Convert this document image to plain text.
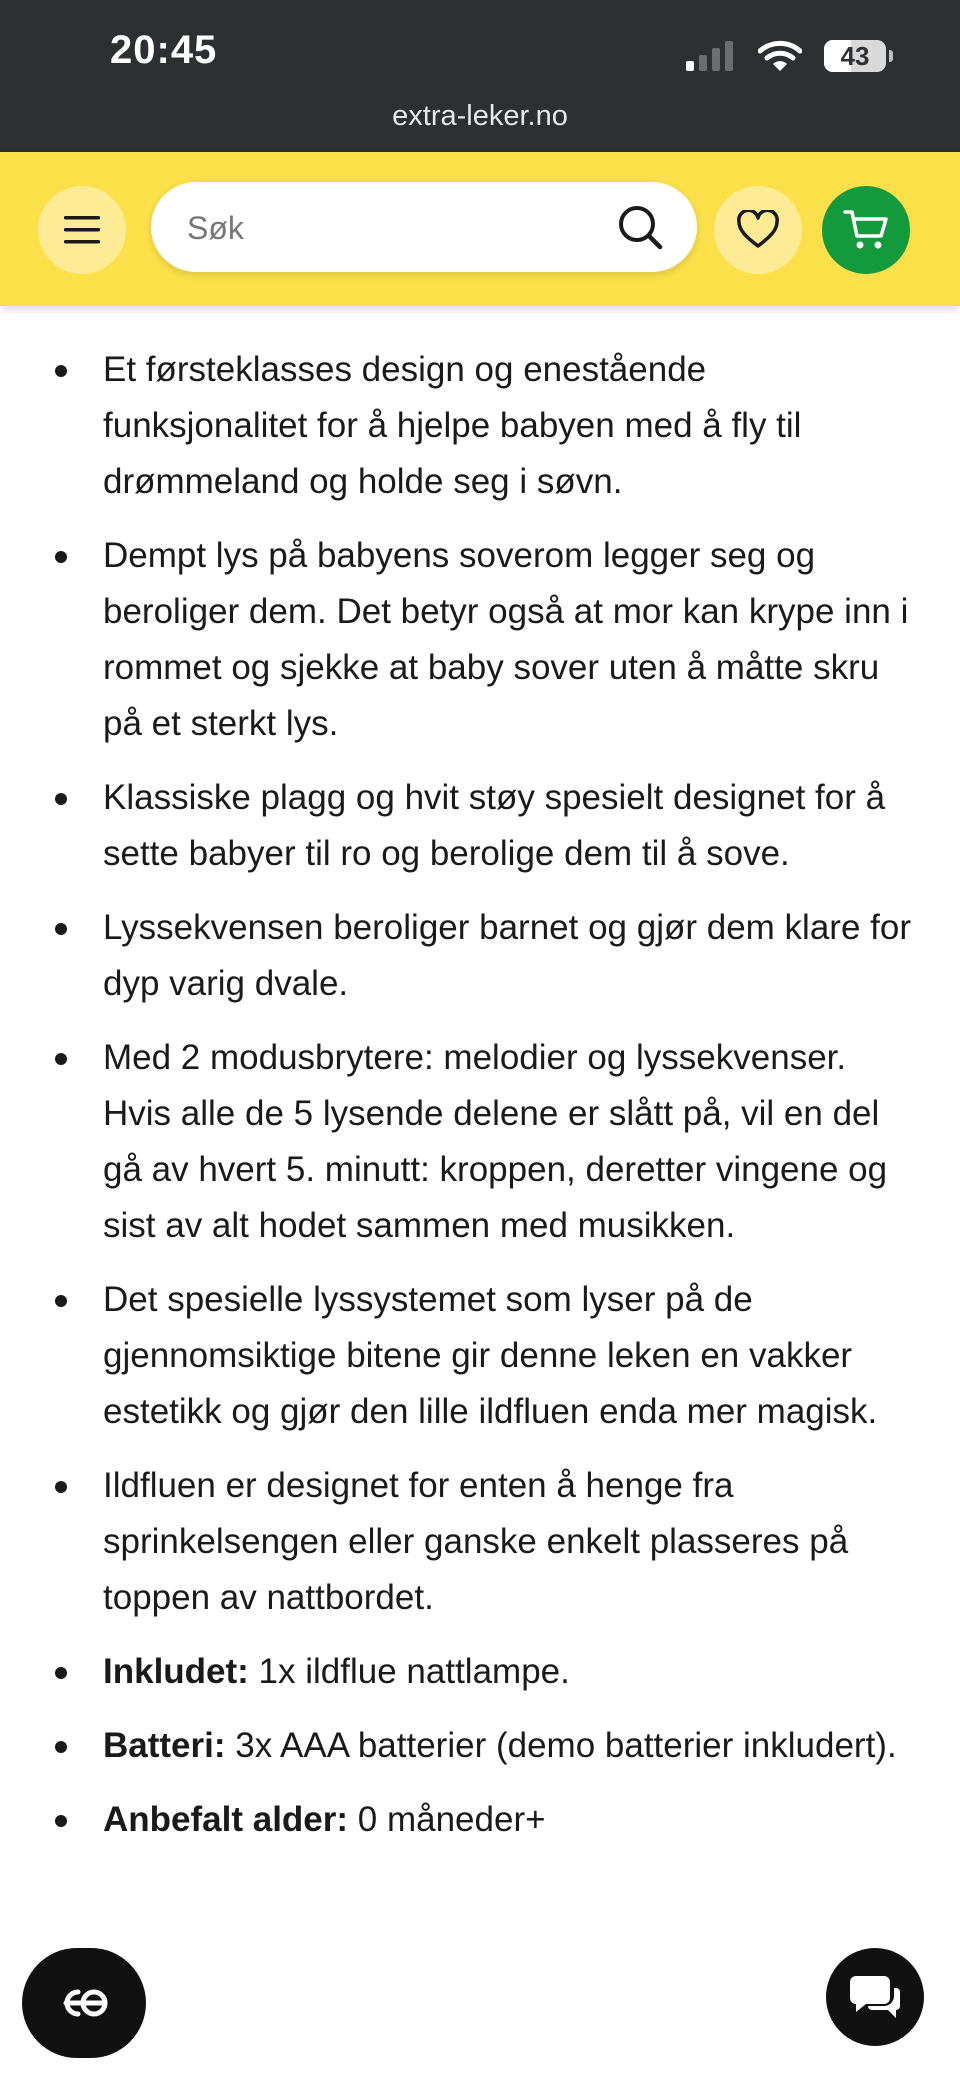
20:45	43
extra-leker.no
Søk
Et førsteklasses design og enestående funksjonalitet for å hjelpe babyen med å fly til drømmeland og holde seg i søvn.
Dempt lys på babyens soverom legger seg og beroliger dem. Det betyr også at mor kan krype inn i rommet og sjekke at baby sover uten å måtte skru på et sterkt lys.
Klassiske plagg og hvit støy spesielt designet for å sette babyer til ro og berolige dem til å sove.
Lyssekvensen beroliger barnet og gjør dem klare for dyp varig dvale.
Med 2 modusbrytere: melodier og lyssekvenser. Hvis alle de 5 lysende delene er slått på, vil en del gå av hvert 5. minutt: kroppen, deretter vingene og sist av alt hodet sammen med musikken.
Det spesielle lyssystemet som lyser på de gjennomsiktige bitene gir denne leken en vakker estetikk og gjør den lille ildfluen enda mer magisk.
Ildfluen er designet for enten å henge fra sprinkelsengen eller ganske enkelt plasseres på toppen av nattbordet.
Inkludet: 1x ildflue nattlampe.
Batteri: 3x AAA batterier (demo batterier inkludert).
Anbefalt alder: 0 måneder+
